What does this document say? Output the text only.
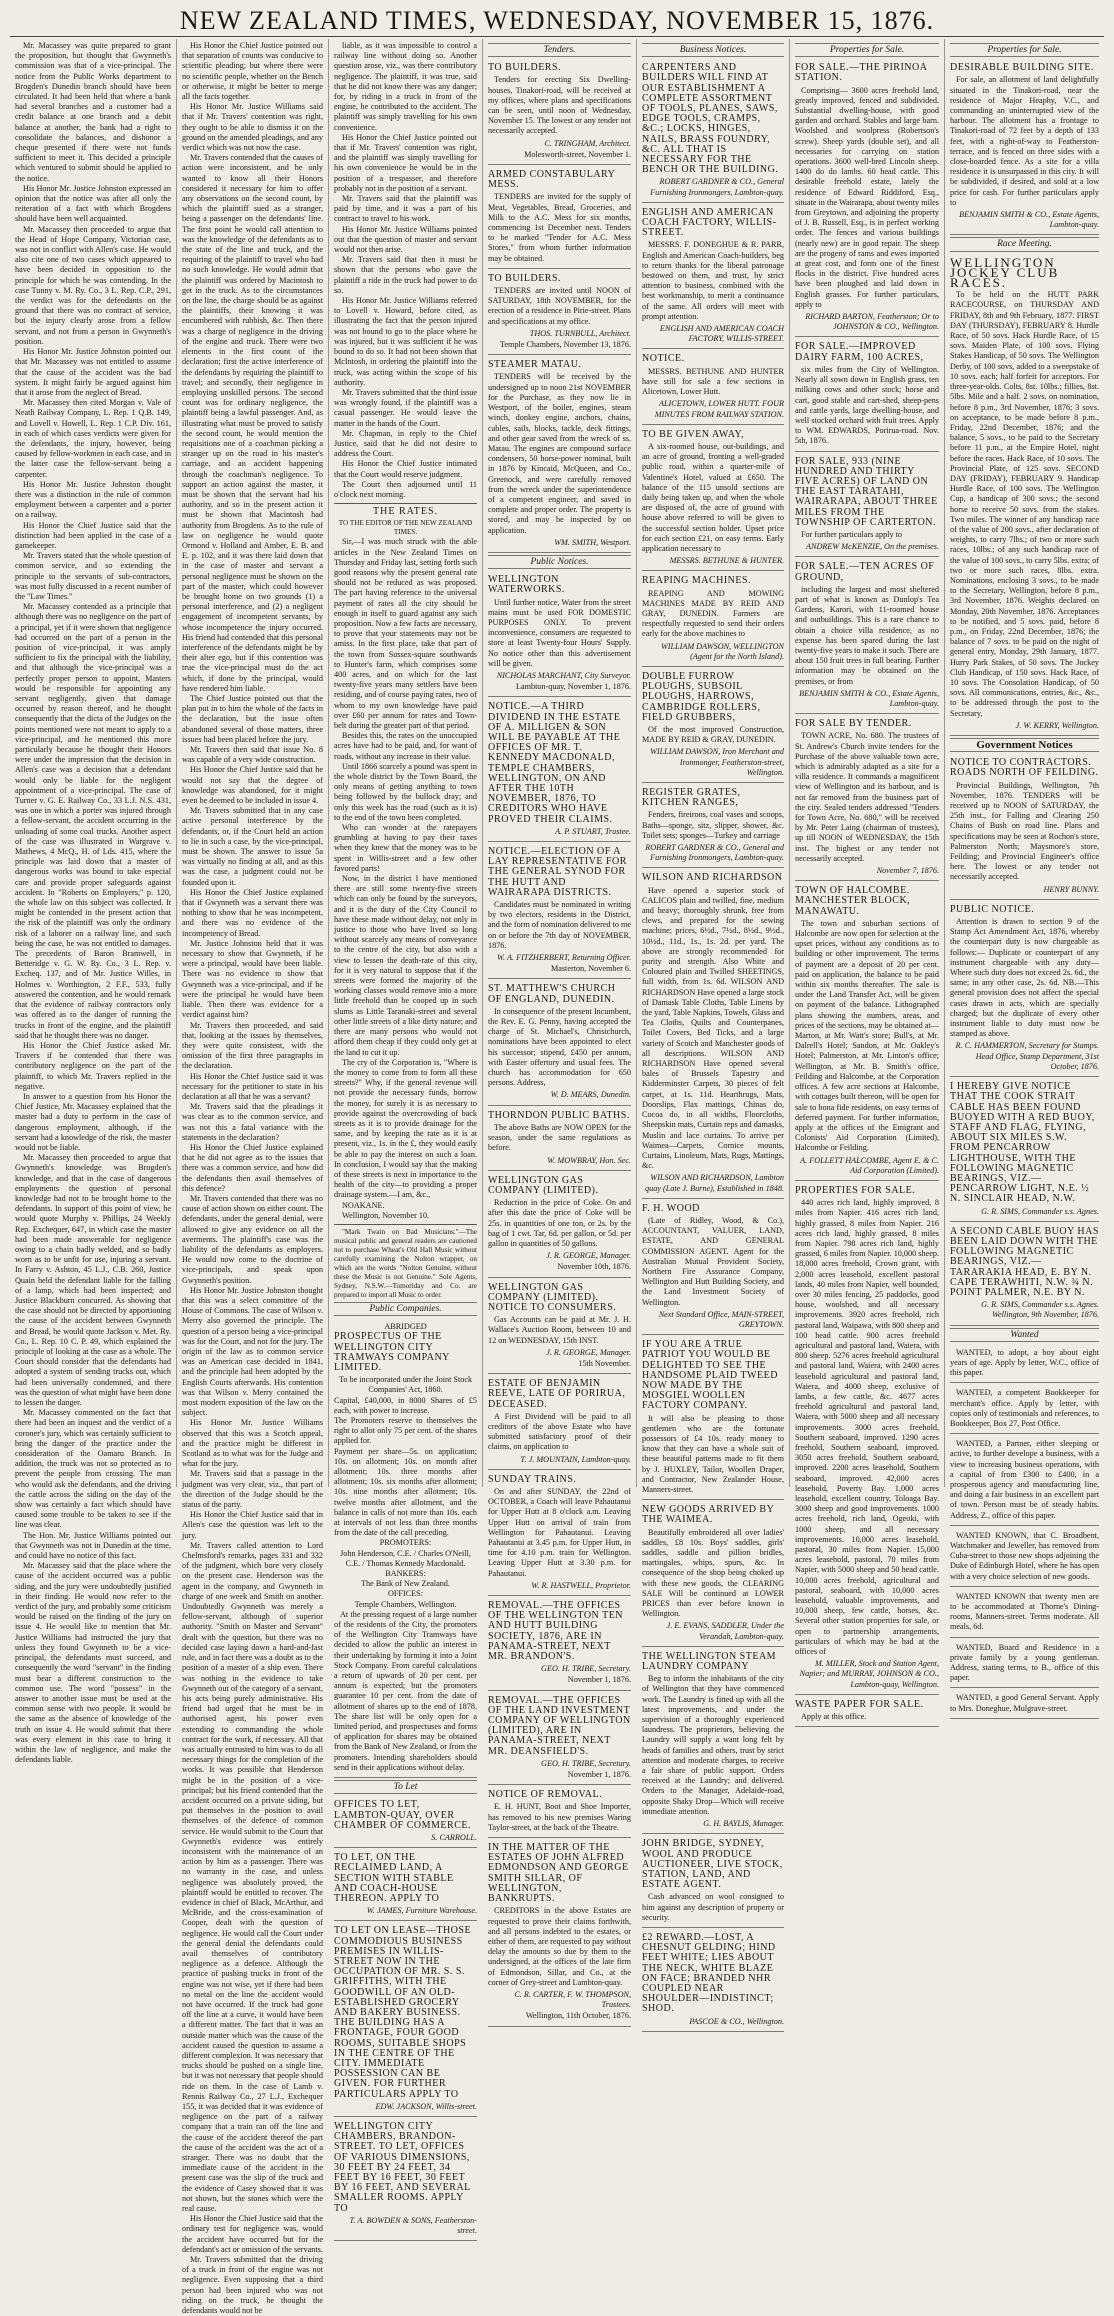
NEW ZEALAND TIMES, WEDNESDAY, NOVEMBER 15, 1876.

Mr. Macassey was quite prepared to grant the proposition, but thought that Gwynneth's commission was that of a vice-principal. The notice from the Public Works department to Brogden's Dunedin branch should have been circulated. It had been held that where a bank had several branches and a customer had a credit balance at one branch and a debit balance at another, the bank had a right to consolidate the balances, and dishonor a cheque presented if there were not funds sufficient to meet it. This decided a principle which ventured to submit should be applied to the notice.

His Honor Mr. Justice Johnston expressed an opinion that the notice was after all only the reiteration of a fact with which Brogdens should have been well acquainted.

Mr. Macassey then proceeded to argue that the Head of Hope Company, Victorian case, was not in conflict with Allen's case. He would also cite one of two cases which appeared to have been decided in opposition to the principle for which he was contending. In the case Tunny v. M. Ry. Co., 3 L. Rep. C.P., 291, the verdict was for the defendants on the ground that there was no contract of service, but the injury clearly arose from a fellow servant, and not from a person in Gwynneth's position.

His Honor Mr. Justice Johnston pointed out that Mr. Macassey was not entitled to assume that the cause of the accident was the bad system. It might fairly be argued against him that it arose from the neglect of Bread.

Mr. Macassey then cited Morgan v. Vale of Neath Railway Company, L. Rep. 1 Q.B. 149, and Lovell v. Howell, L. Rep. 1 C.P. Div. 161, in each of which cases verdicts were given for the defendants, the injury, however, being caused by fellow-workmen in each case, and in the latter case the fellow-servant being a carpenter.

His Honor Mr. Justice Johnston thought there was a distinction in the rule of common employment between a carpenter and a porter on a railway.

His Honor the Chief Justice said that the distinction had been applied in the case of a gamekeeper.

Mr. Travers stated that the whole question of common service, and so extending the principle to the servants of sub-contractors, was most fully discussed in a recent number of the "Law Times."

Mr. Macassey contended as a principle that although there was no negligence on the part of a principal, yet if it were shown that negligence had occurred on the part of a person in the position of vice-principal, it was amply sufficient to fix the principal with the liability, and that although the vice-principal was a perfectly proper person to appoint, Masters would be responsible for appointing any servant negligently, given that damage occurred by reason thereof, and he thought consequently that the dicta of the Judges on the points mentioned were not meant to apply to a vice-principal, and he mentioned this more particularly because he thought their Honors were under the impression that the decision in Allen's case was a decision that a defendant would only be liable for the negligent appointment of a vice-principal. The case of Turner v. G. E. Railway Co., 33 L.J. N.S. 431, was one in which a porter was injured through a fellow-servant, the accident occurring in the unloading of some coal trucks. Another aspect of the case was illustrated in Wargrave v. Mathews, 4 McQ., H. of Lds. 415, where the principle was laid down that a master of dangerous works was bound to take especial care and provide proper safeguards against accident. In "Roberts on Employers," p. 120, the whole law on this subject was collected. It might be contended in the present action that the risk of the plaintiff was only the ordinary risk of a laborer on a railway line, and such being the case, he was not entitled to damages. The precedents of Baron Bramwell, in Betteridge v. G. W. Ry. Co., 3 L. Rep. v. Excheq. 137, and of Mr. Justice Willes, in Holmes v. Worthington, 2 F.F., 533, fully answered the contention, and he would remark that the evidence of railway contractors only was offered as to the danger of running the trucks in front of the engine, and the plaintiff said that he thought there was no danger.

His Honor the Chief Justice asked Mr. Travers if he contended that there was contributory negligence on the part of the plaintiff, to which Mr. Travers replied in the negative.

In answer to a question from his Honor the Chief Justice, Mr. Macassey explained that the master had a duty to perform in the case of dangerous employment, although, if the servant had a knowledge of the risk, the master would not be liable.

Mr. Macassey then proceeded to argue that Gwynneth's knowledge was Brogden's knowledge, and that in the case of dangerous employments the question of personal knowledge had not to be brought home to the defendants. In support of this point of view, he would quote Murphy v. Phillips, 24 Weekly Rep. Exchequer, 647, in which case the master had been made answerable for negligence owing to a chain badly welded, and so badly worn as to be unfit for use, injuring a servant. In Farry v. Ashton, 45 L.J., C.B. 260, Justice Quain held the defendant liable for the falling of a lamp, which had been inspected; and Justice Blackburn concurred. As showing that the case should not be directed by apportioning the cause of the accident between Gwynneth and Bread, he would quote Jackson v. Met. Ry. Co., L. Rep. 10 C. P. 49, which explained the principle of looking at the case as a whole. The Court should consider that the defendants had adopted a system of sending trucks out, which had been universally condemned, and there was the question of what might have been done to lessen the danger.

Mr. Macassey commented on the fact that there had been an inquest and the verdict of a coroner's jury, which was certainly sufficient to bring the danger of the practice under the consideration of the Oamaru Branch. In addition, the truck was not so protected as to prevent the people from crossing. The man who would ask the defendants, and the driving the cattle across the siding on the day of the show was certainly a fact which should have caused some trouble to be taken to see if the line was clear.

The Hon. Mr. Justice Williams pointed out that Gwynneth was not in Dunedin at the time, and could have no notice of this fact.

Mr. Macassey said that the place where the cause of the accident occurred was a public siding, and the jury were undoubtedly justified in their finding. He would now refer to the verdict of the jury, and probably some criticism would be raised on the finding of the jury on issue 4. He would like to mention that Mr. Justice Williams had instructed the jury that unless they found Gwynneth to be a vice-principal, the defendants must succeed, and consequently the word "servant" in the finding must bear a different construction to the common use. The word "possess" in the answer to another issue must be used at the common sense with two people. It would be the same as the absence of knowledge of the truth on issue 4. He would submit that there was every element in this case to bring it within the law of negligence, and make the defendants liable.

His Honor the Chief Justice pointed out that separation of counts was conducive to scientific pleading; but where there were no scientific people, whether on the Bench or otherwise, it might be better to merge all the facts together.

His Honor Mr. Justice Williams said that if Mr. Travers' contention was right, they ought to be able to dismiss it on the ground on the amended pleadings, and any verdict which was not now the case.

Mr. Travers contended that the causes of action were inconsistent, and he only wanted to know all their Honors considered it necessary for him to offer any observations on the second count, by which the plaintiff sued as a stranger, being a passenger on the defendants' line. The first point he would call attention to was the knowledge of the defendants as to the state of the line and truck, and the requiring of the plaintiff to travel who had no such knowledge. He would admit that the plaintiff was ordered by Macintosh to get in the truck. As to the circumstances on the line, the charge should be as against the plaintiffs, their knowing it was encumbered with rubbish, &c. Then there was a charge of negligence in the driving of the engine and truck. There were two elements in the first count of the declaration; first the active interference of the defendants by requiring the plaintiff to travel; and secondly, their negligence in employing unskilled persons. The second count was for ordinary negligence, the plaintiff being a lawful passenger. And, as illustrating what must be proved to satisfy the second count, he would mention the requisitions one of a coachman picking a stranger up on the road in his master's carriage, and an accident happening through the coachman's negligence. To support an action against the master, it must be shown that the servant had his authority, and so in the present action it must be shown that Macintosh had authority from Brogdens. As to the rule of law on negligence he would quote Ormond v. Holland and Amber, E. B. and E. p. 102, and it was there laid down that in the case of master and servant a personal negligence must be shown on the part of the master, which could however be brought home on two grounds (1) a personal interference, and (2) a negligent engagement of incompetent servants, by whose incompetence the injury occurred. His friend had contended that this personal interference of the defendants might be by their alter ego, but if this contention was true the vice-principal must do the act which, if done by the principal, would have rendered him liable.

The Chief Justice pointed out that the plan put in to him the whole of the facts in the declaration, but the issue often abandoned several of those matters, three issues had been placed before the jury.

Mr. Travers then said that issue No. 8 was capable of a very wide construction.

His Honor the Chief Justice said that he would not say that the degree of knowledge was abandoned, for it might even be deemed to be included in issue 4.

Mr. Travers submitted that in any case active personal interference by the defendants, or, if the Court held an action to lie in such a case, by the vice-principal, must be shown. The answer to issue 5a was virtually no finding at all, and as this was the case, a judgment could not be founded upon it.

His Honor the Chief Justice explained that if Gwynneth was a servant there was nothing to show that he was incompetent, and there was no evidence of the incompetency of Bread.

Mr. Justice Johnston held that it was necessary to show that Gwynneth, if he were a principal, would have been liable. There was no evidence to show that Gwynneth was a vice-principal, and if he were the principal he would have been liable. Then there was evidence for a verdict against him?

Mr. Travers then proceeded, and said that, looking at the issues by themselves, they were quite consistent, with the omission of the first three paragraphs in the declaration.

His Honor the Chief Justice said it was necessary for the petitioner to state in his declaration at all that he was a servant?

Mr. Travers said that the pleadings it was clear as to the common service, and was not this a fatal variance with the statements in the declaration?

His Honor the Chief Justice explained that he did not agree as to the issues that there was a common service, and how did the defendants then avail themselves of this defence?

Mr. Travers contended that there was no cause of action shown on either count. The defendants, under the general denial, were allowed to give any evidence on all the averments. The plaintiff's case was the liability of the defendants as employers. He would now come to the doctrine of vice-principals, and speak upon Gwynneth's position.

His Honor Mr. Justice Johnston thought that this was a select committee of the House of Commons. The case of Wilson v. Merry also governed the principle. The question of a person being a vice-principal was for the Court, and not for the jury. The origin of the law as to common service was an American case decided in 1841, and the principle had been adopted by the English Courts afterwards. His contention was that Wilson v. Merry contained the most modern exposition of the law on the subject.

His Honor Mr. Justice Williams observed that this was a Scotch appeal, and the practice might be different in Scotland as to what was for the Judge and what for the jury.

Mr. Travers said that a passage in the judgment was very clear, viz., that part of the direction of the Judge should be the status of the party.

His Honor the Chief Justice said that in Allen's case the question was left to the jury.

Mr. Travers called attention to Lord Chelmsford's remarks, pages 331 and 332 of the judgment, which bore very closely on the present case. Henderson was the agent in the company, and Gwynneth in charge of one week and Smith on another. Undoubtedly Gwynneth was merely a fellow-servant, although of superior authority. "Smith on Master and Servant" dealt with the question, but there was no decided case laying down a hard-and-fast rule, and in fact there was a doubt as to the position of a master of a ship even. There was nothing in the evidence to take Gwynneth out of the category of a servant, his acts being purely administrative. His friend had urged that he must be in authorised agent, his power even extending to commanding the whole contract for the work, if necessary. All that was actually entrusted to him was to do all necessary things for the completion of the works. It was possible that Henderson might be in the position of a vice-principal; but his friend contended that the accident occurred on a private siding, but put themselves in the position to avail themselves of the defence of common service. He would submit to the Court that Gwynneth's evidence was entirely inconsistent with the maintenance of an action by him as a passenger. There was no warranty in the case, and unless negligence was absolutely proved, the plaintiff would be entitled to recover. The evidence in chief of Black, McArthur, and McBride, and the cross-examination of Cooper, dealt with the question of negligence. He would call the Court under the general denial the defendants could avail themselves of contributory negligence as a defence. Although the practice of pushing trucks in front of the engine was not wise, yet if there had been no metal on the line the accident would not have occurred. If the truck had gone off the line at a curve, it would have been a different matter. The fact that it was an outside matter which was the cause of the accident caused the question to assume a different complexion. It was necessary that trucks should be pushed on a single line, but it was not necessary that people should ride on them. In the case of Lamb v. Rennis Railway Co., 27 L.J., Exchequer 155, it was decided that it was evidence of negligence on the part of a railway company that a train ran off the line and the cause of the accident thereof the part the cause of the accident was the act of a stranger. There was no doubt that the immediate cause of the accident in the present case was the slip of the truck and the evidence of Casey showed that it was not shown, but the stones which were the real cause.

His Honor the Chief Justice said that the ordinary test for negligence was, would the accident have occurred but for the defendant's act or omission of the servants.

Mr. Travers submitted that the driving of a truck in front of the engine was not negligence. Even supposing that a third person had been injured who was not riding on the truck, he thought the defendants would not be

liable, as it was impossible to control a railway line without doing so. Another question arose, viz., was there contributory negligence. The plaintiff, it was true, said that he did not know there was any danger; for, by riding in a truck in front of the engine, he contributed to the accident. The plaintiff was simply travelling for his own convenience.

His Honor the Chief Justice pointed out that if Mr. Travers' contention was right, and the plaintiff was simply travelling for his own convenience he would be in the position of a trespasser, and therefore probably not in the position of a servant.

Mr. Travers said that the plaintiff was paid by time, and it was a part of his contract to travel to his work.

His Honor Mr. Justice Williams pointed out that the question of master and servant would not then arise.

Mr. Travers said that then it must be shown that the persons who gave the plaintiff a ride in the truck had power to do so.

His Honor Mr. Justice Williams referred to Lovell v. Howard, before cited, as illustrating the fact that the person injured was not bound to go to the place where he was injured, but it was sufficient if he was bound to do so. It had not been shown that McIntosh, in ordering the plaintiff into the truck, was acting within the scope of his authority.

Mr. Travers submitted that the third issue was wrongly found, if the plaintiff was a casual passenger. He would leave the matter in the hands of the Court.

Mr. Chapman, in reply to the Chief Justice, said that he did not desire to address the Court.

His Honor the Chief Justice intimated that the Court would reserve judgment.

The Court then adjourned until 11 o'clock next morning.

THE RATES.
TO THE EDITOR OF THE NEW ZEALAND TIMES.

Sir,—I was much struck with the able articles in the New Zealand Times on Thursday and Friday last, setting forth such good reasons why the present general rate should not be reduced as was proposed. The part having reference to the universal payment of rates all the city should be enough in itself to guard against any such proposition. Now a few facts are necessary, to prove that your statements may not be amiss. In the first place, take that part of the town from Sussex-square southwards to Hunter's farm, which comprises some 400 acres, and on which for the last twenty-five years many settlers have been residing, and of course paying rates, two of whom to my own knowledge have paid over £60 per annum for rates and Town-belt during the greater part of that period.

Besides this, the rates on the unoccupied acres have had to be paid, and, for want of roads, without any increase in their value.

Until 1866 scarcely a pound was spent in the whole district by the Town Board, the only means of getting anything to town being followed by the bullock dray; and only this week has the road (such as it is) to the end of the town been completed.

Who can wonder at the ratepayers grumbling at having to pay their taxes when they knew that the money was to be spent in Willis-street and a few other favored parts!

Now, in the district I have mentioned there are still some twenty-five streets which can only be found by the surveyors, and it is the duty of the City Council to have these made without delay, not only in justice to those who have lived so long without scarcely any means of conveyance to the centre of the city, but also with a view to lessen the death-rate of this city, for it is very natural to suppose that if the streets were formed the majority of the working classes would remove into a more little freehold than be cooped up in such slums as Little Taranaki-street and several other little streets of a like dirty nature; and there are many persons who would not afford them cheap if they could only get at the land to cut it up.

The cry of the Corporation is, "Where is the money to come from to form all these streets?" Why, if the general revenue will not provide the necessary funds, borrow the money, for surely it is as necessary to provide against the overcrowding of back streets as it is to provide drainage for the same, and by keeping the rate as it is at present, viz., 1s. in the £, they would easily be able to pay the interest on such a loan. In conclusion, I would say that the making of these streets is next in importance to the health of the city—to providing a proper drainage system.—I am, &c.,

NOAKANE.

Wellington, November 10.

"Mark Twain on Bad Musicians."—The musical public and general readers are cautioned not to purchase Wheat's Old Hall Music without carefully examining the Nolton wrapper, on which are the words "Nolton Genuine, without these the Music is not Genuine." Sole Agents, Sydney, N.S.W.—Tomoriday and Co. are prepared to import all Music to order.

Public Companies.
ABRIDGED
PROSPECTUS OF THE WELLINGTON CITY TRAMWAYS COMPANY LIMITED.
To be incorporated under the Joint Stock Companies' Act, 1860.
Capital, £40,000, in 8000 Shares of £5 each, with power to increase.
The Promoters reserve to themselves the right to allot only 75 per cent. of the shares applied for.
Payment per share—5s. on application; 10s. on allotment; 10s. on month after allotment; 10s. three months after allotment; 10s. six months after allotment; 10s. nine months after allotment; 10s. twelve months after allotment, and the balance in calls of not more than 10s. each at intervals of not less than three months from the date of the call preceding.
PROMOTERS:
John Henderson, C.E. / Charles O'Neill, C.E. / Thomas Kennedy Macdonald.
BANKERS:
The Bank of New Zealand.
OFFICES:
Temple Chambers, Wellington.
At the pressing request of a large number of the residents of the City, the promoters of the Wellington City Tramways have decided to allow the public an interest in their undertaking by forming it into a Joint Stock Company. From careful calculations a return of upwards of 20 per cent. per annum is expected; but the promoters guarantee 10 per cent. from the date of allotment of shares up to the end of 1878. The share list will be only open for a limited period, and prospectuses and forms of application for shares may be obtained from the Bank of New Zealand, or from the promoters. Intending shareholders should send in their applications without delay.
To Let
OFFICES TO LET, LAMBTON-QUAY, OVER CHAMBER OF COMMERCE.
S. CARROLL.
TO LET, ON THE RECLAIMED LAND, A SECTION WITH STABLE AND COACH-HOUSE THEREON. APPLY TO
W. JAMES, Furniture Warehouse.
TO LET ON LEASE—THOSE COMMODIOUS BUSINESS PREMISES IN WILLIS-STREET NOW IN THE OCCUPATION OF MR. S. S. GRIFFITHS, WITH THE GOODWILL OF AN OLD-ESTABLISHED GROCERY AND BAKERY BUSINESS. THE BUILDING HAS A FRONTAGE, FOUR GOOD ROOMS, SUITABLE SHOPS IN THE CENTRE OF THE CITY. IMMEDIATE POSSESSION CAN BE GIVEN. FOR FURTHER PARTICULARS APPLY TO
EDW. JACKSON, Willis-street.
WELLINGTON CITY CHAMBERS, BRANDON-STREET. TO LET, OFFICES OF VARIOUS DIMENSIONS, 30 FEET BY 24 FEET, 34 FEET BY 16 FEET, 30 FEET BY 16 FEET, AND SEVERAL SMALLER ROOMS. APPLY TO
T. A. BOWDEN & SONS, Featherston-street.
Tenders.
TO BUILDERS.
Tenders for erecting Six Dwelling-houses, Tinakori-road, will be received at my offices, where plans and specifications can be seen, until noon of Wednesday, November 15. The lowest or any tender not necessarily accepted.
C. TRINGHAM, Architect.
Molesworth-street, November 1.
ARMED CONSTABULARY MESS.
TENDERS are invited for the supply of Meat, Vegetables, Bread, Groceries, and Milk to the A.C. Mess for six months, commencing 1st December next. Tenders to be marked "Tender for A.C. Mess Stores," from whom further information may be obtained.
TO BUILDERS.
TENDERS are invited until NOON of SATURDAY, 18th NOVEMBER, for the erection of a residence in Pirie-street. Plans and specifications at my office.
THOS. TURNBULL, Architect.
Temple Chambers, November 13, 1876.
STEAMER MATAU.
TENDERS will be received by the undersigned up to noon 21st NOVEMBER for the Purchase, as they now lie in Westport, of the boiler, engines, steam winch, donkey engine, anchors, chains, cables, sails, blocks, tackle, deck fittings, and other gear saved from the wreck of ss. Matau. The engines are compound surface condensers, 50 horse-power nominal, built in 1876 by Kincaid, McQueen, and Co., Greenock, and were carefully removed from the wreck under the superintendence of a competent engineer, and saved in complete and proper order. The property is stored, and may be inspected by on application.
WM. SMITH, Westport.
Public Notices.
WELLINGTON WATERWORKS.
Until further notice, Water from the street mains must be used FOR DOMESTIC PURPOSES ONLY. To prevent inconvenience, consumers are requested to store at least Twenty-four Hours' Supply. No notice other than this advertisement will be given.
NICHOLAS MARCHANT, City Surveyor.
Lambton-quay, November 1, 1876.
NOTICE.—A THIRD DIVIDEND IN THE ESTATE OF A. MILLIGEN & SON WILL BE PAYABLE AT THE OFFICES OF MR. T. KENNEDY MACDONALD, TEMPLE CHAMBERS, WELLINGTON, ON AND AFTER THE 10TH NOVEMBER, 1876, TO CREDITORS WHO HAVE PROVED THEIR CLAIMS.
A. P. STUART, Trustee.
NOTICE.—ELECTION OF A LAY REPRESENTATIVE FOR THE GENERAL SYNOD FOR THE HUTT AND WAIRARAPA DISTRICTS.
Candidates must be nominated in writing by two electors, residents in the District, and the form of nomination delivered to me on or before the 7th day of NOVEMBER, 1876.
W. A. FITZHERBERT, Returning Officer.
Masterton, November 6.
ST. MATTHEW'S CHURCH OF ENGLAND, DUNEDIN.
In consequence of the present Incumbent, the Rev. E. G. Penny, having accepted the charge of St. Michael's, Christchurch, nominations have been appointed to elect his successor; stipend, £450 per annum, with Easter offertory and usual fees. The church has accommodation for 650 persons. Address,
W. D. MEARS, Dunedin.
THORNDON PUBLIC BATHS.
The above Baths are NOW OPEN for the season, under the same regulations as before.
W. MOWBRAY, Hon. Sec.
WELLINGTON GAS COMPANY (LIMITED).
Reduction in the price of Coke. On and after this date the price of Coke will be 25s. in quantities of one ton, or 2s. by the bag of 1 cwt. Tar, 6d. per gallon, or 5d. per gallon in quantities of 50 gallons.
J. R. GEORGE, Manager.
November 10th, 1876.
WELLINGTON GAS COMPANY (LIMITED). NOTICE TO CONSUMERS.
Gas Accounts can be paid at Mr. J. H. Wallace's Auction Room, between 10 and 12 on WEDNESDAY, 15th INST.
J. R. GEORGE, Manager.
15th November.
ESTATE OF BENJAMIN REEVE, LATE OF PORIRUA, DECEASED.
A First Dividend will be paid to all creditors of the above Estate who have submitted satisfactory proof of their claims, on application to
T. J. MOUNTAIN, Lambton-quay.
SUNDAY TRAINS.
On and after SUNDAY, the 22nd of OCTOBER, a Coach will leave Pahautanui for Upper Hutt at 8 o'clock a.m. Leaving Upper Hutt on arrival of train from Wellington for Pahautanui. Leaving Pahautanui at 3.45 p.m. for Upper Hutt, in time for 4.10 p.m. train for Wellington. Leaving Upper Hutt at 3.30 p.m. for Pahautanui.
W. R. HASTWELL, Proprietor.
REMOVAL.—THE OFFICES OF THE WELLINGTON TEN AND HUTT BUILDING SOCIETY, 1876, ARE IN PANAMA-STREET, NEXT MR. BRANDON'S.
GEO. H. TRIBE, Secretary.
November 1, 1876.
REMOVAL.—THE OFFICES OF THE LAND INVESTMENT COMPANY OF WELLINGTON (LIMITED), ARE IN PANAMA-STREET, NEXT MR. DEANSFIELD'S.
GEO. H. TRIBE, Secretary.
November 1, 1876.
NOTICE OF REMOVAL.
E. H. HUNT, Boot and Shoe Importer, has removed to his new premises Waring Taylor-street, at the back of the Theatre.
IN THE MATTER OF THE ESTATES OF JOHN ALFRED EDMONDSON AND GEORGE SMITH SILLAR, OF WELLINGTON, BANKRUPTS.
CREDITORS in the above Estates are requested to prove their claims forthwith, and all persons indebted to the estates, or either of them, are requested to pay without delay the amounts so due by them to the undersigned, at the offices of the late firm of Edmondson, Sillar, and Co., at the corner of Grey-street and Lambton-quay.
C. R. CARTER, F. W. THOMPSON, Trustees.
Wellington, 11th October, 1876.
Business Notices.
CARPENTERS AND BUILDERS WILL FIND AT OUR ESTABLISHMENT A COMPLETE ASSORTMENT OF TOOLS, PLANES, SAWS, EDGE TOOLS, CRAMPS, &C.; LOCKS, HINGES, NAILS, BRASS FOUNDRY, &C. ALL THAT IS NECESSARY FOR THE BENCH OR THE BUILDING.
ROBERT GARDNER & CO., General Furnishing Ironmongers, Lambton-quay.
ENGLISH AND AMERICAN COACH FACTORY, WILLIS-STREET.
MESSRS. F. DONEGHUE & R. PARR, English and American Coach-builders, beg to return thanks for the liberal patronage bestowed on them, and trust, by strict attention to business, combined with the best workmanship, to merit a continuance of the same. All orders will meet with prompt attention.
ENGLISH AND AMERICAN COACH FACTORY, WILLIS-STREET.
NOTICE.
MESSRS. BETHUNE AND HUNTER have still for sale a few sections in Alicetown, Lower Hutt.
ALICETOWN, LOWER HUTT. FOUR MINUTES FROM RAILWAY STATION.
TO BE GIVEN AWAY,
A six-roomed house, out-buildings, and an acre of ground, fronting a well-graded public road, within a quarter-mile of Valentine's Hotel, valued at £650. The balance of the 115 unsold sections are daily being taken up, and when the whole are disposed of, the acre of ground with house above referred to will be given to the successful section holder. Upset price for each section £21, on easy terms. Early application necessary to
MESSRS. BETHUNE & HUNTER.
REAPING MACHINES.
REAPING AND MOWING MACHINES MADE BY REID AND GRAY, DUNEDIN. Farmers are respectfully requested to send their orders early for the above machines to
WILLIAM DAWSON, WELLINGTON (Agent for the North Island).
DOUBLE FURROW PLOUGHS, SUBSOIL PLOUGHS, HARROWS, CAMBRIDGE ROLLERS, FIELD GRUBBERS,
Of the most improved Construction, MADE BY REID & GRAY, DUNEDIN.
WILLIAM DAWSON, Iron Merchant and Ironmonger, Featherston-street, Wellington.
REGISTER GRATES, KITCHEN RANGES,
Fenders, fireirons, coal vases and scoops, Baths—sponge, sitz, slipper, shower, &c. Toilet sets; sponges—Turkey and carriage
ROBERT GARDNER & CO., General and Furnishing Ironmongers, Lambton-quay.
WILSON AND RICHARDSON
Have opened a superior stock of CALICOS plain and twilled, fine, medium and heavy; thoroughly shrunk, free from clews, and prepared for the sewing machine; prices, 6½d., 7½d., 8½d., 9½d., 10½d., 11d., 1s., 1s. 2d. per yard. The above are strongly recommended for purity and strength. Also White and Coloured plain and Twilled SHEETINGS, full width, from 1s. 6d. WILSON AND RICHARDSON Have opened a large stock of Damask Table Cloths, Table Linens by the yard, Table Napkins, Towels, Glass and Tea Cloths, Quilts and Counterpanes, Toilet Covers, Bed Ticks, and a large variety of Scotch and Manchester goods of all descriptions. WILSON AND RICHARDSON Have opened several bales of Brussels Tapestry and Kidderminster Carpets, 30 pieces of felt carpet, at 1s. 11d. Hearthrugs, Mats, Doorslips, Flax mattings, Chinas do, Cocoa do, in all widths, Floorcloths, Sheepskin mats, Curtain reps and damasks, Muslin and lace curtains. To arrive per Waimea—Carpets, Cornice mounts, Curtains, Linoleum, Mats, Rugs, Mattings, &c.
WILSON AND RICHARDSON, Lambton quay (Late J. Burne), Established in 1848.
F. H. WOOD
(Late of Ridley, Wood, & Co.), ACCOUNTANT, VALUER, LAND, ESTATE, AND GENERAL COMMISSION AGENT. Agent for the Australian Mutual Provident Society, Northern Fire Assurance Company, Wellington and Hutt Building Society, and the Land Investment Society of Wellington.
Next Standard Office, MAIN-STREET, GREYTOWN.
IF YOU ARE A TRUE PATRIOT YOU WOULD BE DELIGHTED TO SEE THE HANDSOME PLAID TWEED NOW MADE BY THE MOSGIEL WOOLLEN FACTORY COMPANY.
It will also be pleasing to those gentlemen who are the fortunate possessors of £4 10s. ready money to know that they can have a whole suit of these beautiful patterns made to fit them by J. HUXLEY, Tailor, Woollen Draper, and Contractor, New Zealander House, Manners-street.
NEW GOODS ARRIVED BY THE WAIMEA.
Beautifully embroidered all over ladies' saddles, £8 10s. Boys' saddles, girls' saddles, saddle and pillion bridles, martingales, whips, spurs, &c. In consequence of the shop being choked up with these new goods, the CLEARING SALE Will be continued at LOWER PRICES than ever before known in Wellington.
J. E. EVANS, SADDLER, Under the Verandah, Lambton-quay.
THE WELLINGTON STEAM LAUNDRY COMPANY
Beg to inform the inhabitants of the city of Wellington that they have commenced work. The Laundry is fitted up with all the latest improvements, and under the supervision of a thoroughly experienced laundress. The proprietors, believing the Laundry will supply a want long felt by heads of families and others, trust by strict attention and moderate charges, to receive a fair share of public support. Orders received at the Laundry; and delivered. Orders to the Manager, Adelaide-road, opposite Shaky Drop—Which will receive immediate attention.
G. H. BAYLIS, Manager.
JOHN BRIDGE, SYDNEY, WOOL AND PRODUCE AUCTIONEER, LIVE STOCK, STATION, LAND, AND ESTATE AGENT.
Cash advanced on wool consigned to him against any description of property or security.
£2 REWARD.—LOST, A CHESNUT GELDING; HIND FEET WHITE; LIES ABOUT THE NECK, WHITE BLAZE ON FACE; BRANDED NHR COUPLED NEAR SHOULDER—INDISTINCT; SHOD.
PASCOE & CO., Wellington.
Properties for Sale.
FOR SALE.—THE PIRINOA STATION.
Comprising— 3600 acres freehold land, greatly improved, fenced and subdivided. Substantial dwelling-house, with good garden and orchard. Stables and large barn. Woolshed and woolpress (Robertson's screw). Sheep yards (double set), and all necessaries for carrying on station operations. 3600 well-bred Lincoln sheep. 1400 do do lambs. 60 head cattle. This desirable freehold estate, lately the residence of Edward Riddiford, Esq., situate in the Wairarapa, about twenty miles from Greytown, and adjoining the property of J. B. Russell, Esq., is in perfect working order. The fences and various buildings (nearly new) are in good repair. The sheep are the progeny of rams and ewes imported at great cost, and form one of the finest flocks in the district. Five hundred acres have been ploughed and laid down in English grasses. For further particulars, apply to
RICHARD BARTON, Featherston; Or to JOHNSTON & CO., Wellington.
FOR SALE.—IMPROVED DAIRY FARM, 100 ACRES,
six miles from the City of Wellington. Nearly all sown down in English grass, ten milking cows and other stock; horse and cart, good stable and cart-shed, sheep-pens and cattle yards, large dwelling-house, and well stocked orchard with fruit trees. Apply to WM. EDWARDS, Porirua-road. Nov. 5th, 1876.
FOR SALE, 933 (NINE HUNDRED AND THIRTY FIVE ACRES) OF LAND ON THE EAST TARATAHI, WAIRARAPA, ABOUT THREE MILES FROM THE TOWNSHIP OF CARTERTON.
For further particulars apply to
ANDREW McKENZIE, On the premises.
FOR SALE.—TEN ACRES OF GROUND,
including the largest and most sheltered part of what is known as Dunlop's Tea Gardens, Karori, with 11-roomed house and outbuildings. This is a rare chance to obtain a choice villa residence, as no expense has been spared during the last twenty-five years to make it such. There are about 150 fruit trees in full bearing. Further information may be obtained on the premises, or from
BENJAMIN SMITH & CO., Estate Agents, Lambton-quay.
FOR SALE BY TENDER.
TOWN ACRE, No. 680. The trustees of St. Andrew's Church invite tenders for the Purchase of the above valuable town acre, which is admirably adapted as a site for a villa residence. It commands a magnificent view of Wellington and its harbour, and is not far removed from the business part of the city. Sealed tenders addressed "Tenders for Town Acre, No. 680," will be received by Mr. Peter Laing (chairman of trustees), up till NOON of WEDNESDAY, the 15th inst. The highest or any tender not necessarily accepted.
November 7, 1876.
TOWN OF HALCOMBE. MANCHESTER BLOCK, MANAWATU.
The town and suburban sections of Halcombe are now open for selection at the upset prices, without any conditions as to building or other improvement. The terms of payment are a deposit of 20 per cent. paid on application, the balance to be paid within six months thereafter. The sale is under the Land Transfer Act, will be given on payment of the balance. Lithographed plans showing the numbers, areas, and prices of the sections, may be obtained at— Marton, at Mr. Watt's store; Bull's, at Mr. Dalrell's Hotel; Sandon, at Mr. Oakley's Hotel; Palmerston, at Mr. Linton's office; Wellington, at Mr. B. Smith's office, Feilding and Halcombe, at the Corporation offices. A few acre sections at Halcombe, with cottages built thereon, will be open for sale to bona fide residents, on easy terms of deferred payment. For further information, apply at the offices of the Emigrant and Colonists' Aid Corporation (Limited), Halcombe or Feilding.
A. FOLLETT HALCOMBE, Agent E. & C. Aid Corporation (Limited).
PROPERTIES FOR SALE.
440 acres rich land, highly improved, 8 miles from Napier. 416 acres rich land, highly grassed, 8 miles from Napier. 216 acres rich land, highly grassed, 8 miles from Napier. 798 acres rich land, highly grassed, 6 miles from Napier. 10,000 sheep. 18,000 acres freehold, Crown grant, with 2,000 acres leasehold, excellent pastoral lands, 40 miles from Napier, well bounded, over 30 miles fencing, 25 paddocks, good house, woolshed, and all necessary improvements. 3920 acres freehold, rich pastoral land, Waipawa, with 800 sheep and 100 head cattle. 900 acres freehold agricultural and pastoral land, Waiera, with 800 sheep. 5276 acres freehold agricultural and pastoral land, Waiera, with 2400 acres leasehold agricultural and pastoral land, Waiera, and 4000 sheep, exclusive of lambs, a few cattle, &c. 4677 acres freehold agricultural and pastoral land, Waiera, with 5000 sheep and all necessary improvements. 3000 acres freehold, Southern seaboard, improved. 1290 acres freehold, Southern seaboard, improved. 3050 acres freehold, Southern seaboard, improved. 2200 acres leasehold, Southern seaboard, improved. 42,000 acres leasehold, Poverty Bay. 1,000 acres leasehold, excellent country, Toloaga Bay. 3000 sheep and good improvements. 1000 acres freehold, rich land, Ogeoki, with 1000 sheep, and all necessary improvements. 10,000 acres leasehold, pastoral, 30 miles from Napier. 15,000 acres leasehold, pastoral, 70 miles from Napier, with 5000 sheep and 50 head cattle. 10,000 acres freehold, agricultural and pastoral, seaboard, with 10,000 acres leasehold, valuable improvements, and 10,000 sheep, few cattle, horses, &c. Several other station properties for sale, or open to partnership arrangements, particulars of which may be had at the offices of
M. MILLER, Stock and Station Agent, Napier; and MURRAY, JOHNSON & CO., Lambton-quay, Wellington.
WASTE PAPER FOR SALE.
Apply at this office.
Properties for Sale.
DESIRABLE BUILDING SITE.
For sale, an allotment of land delightfully situated in the Tinakori-road, near the residence of Major Heaphy, V.C., and commanding an uninterrupted view of the harbour. The allotment has a frontage to Tinakori-road of 72 feet by a depth of 133 feet, with a right-of-way to Featherston-terrace, and is fenced on three sides with a close-boarded fence. As a site for a villa residence it is unsurpassed in this city. It will be subdivided, if desired, and sold at a low price for cash. For further particulars apply to
BENJAMIN SMITH & CO., Estate Agents, Lambton-quay.
Race Meeting.
WELLINGTON JOCKEY CLUB RACES.
To be held on the HUTT PARK RACECOURSE, on THURSDAY AND FRIDAY, 8th and 9th February, 1877. FIRST DAY (THURSDAY), FEBRUARY 8. Hurdle Race, of 50 sovs. Hack Hurdle Race, of 15 sovs. Maiden Plate, of 100 sovs. Flying Stakes Handicap, of 50 sovs. The Wellington Derby, of 100 sovs, added to a sweepstake of 10 sovs. each; half forfeit for acceptors. For three-year-olds. Colts, 8st. 10lbs.; fillies, 8st. 5lbs. Mile and a half. 2 sovs. on nomination, before 8 p.m., 3rd November, 1876; 3 sovs. on acceptance, to be made before 8 p.m., Friday, 22nd December, 1876; and the balance, 5 sovs., to be paid to the Secretary before 11 p.m., at the Empire Hotel, night before the races. Hack Race, of 10 sovs. The Provincial Plate, of 125 sovs. SECOND DAY (FRIDAY), FEBRUARY 9. Handicap Hurdle Race, of 100 sovs. The Wellington Cup, a handicap of 300 sovs.; the second horse to receive 50 sovs. from the stakes. Two miles. The winner of any handicap race of the value of 200 sovs., after declaration of weights, to carry 7lbs.; of two or more such races, 10lbs.; of any such handicap race of the value of 100 sovs., to carry 5lbs. extra; of two or more such races, 8lbs. extra. Nominations, enclosing 3 sovs., to be made to the Secretary, Wellington, before 8 p.m., 3rd November, 1876. Weights declared on Monday, 20th November, 1876. Acceptances to be notified, and 5 sovs. paid, before 8 p.m., on Friday, 22nd December, 1876; the balance of 7 sovs. to be paid on the night of general entry, Monday, 29th January, 1877. Hurry Park Stakes, of 50 sovs. The Jockey Club Handicap, of 150 sovs. Hack Race, of 10 sovs. The Consolation Handicap, of 50 sovs. All communications, entries, &c., &c., to be addressed through the post to the Secretary,
J. W. KERRY, Wellington.
Government Notices
NOTICE TO CONTRACTORS. ROADS NORTH OF FEILDING.
Provincial Buildings, Wellington, 7th November, 1876. TENDERS will be received up to NOON of SATURDAY, the 25th inst., for Falling and Clearing 250 Chains of Bush on road line. Plans and specifications may be seen at Rochon's store, Palmerston North; Maysmore's store, Feilding; and Provincial Engineer's office here. The lowest or any tender not necessarily accepted.
HENRY BUNNY.
PUBLIC NOTICE.
Attention is drawn to section 9 of the Stamp Act Amendment Act, 1876, whereby the counterpart duty is now chargeable as follows:— Duplicate or counterpart of any instrument chargeable with any duty— Where such duty does not exceed 2s. 6d., the same; in any other case, 2s. 6d. NB.—This general provision does not affect the special cases drawn in acts, which are specially charged; but the duplicate of every other instrument liable to duty must now be stamped as above.
R. C. HAMMERTON, Secretary for Stamps. Head Office, Stamp Department, 31st October, 1876.
I HEREBY GIVE NOTICE THAT THE COOK STRAIT CABLE HAS BEEN FOUND BUOYED WITH A RED BUOY, STAFF AND FLAG, FLYING, ABOUT SIX MILES S.W. FROM PENCARROW LIGHTHOUSE, WITH THE FOLLOWING MAGNETIC BEARINGS, VIZ.— PENCARROW LIGHT, N.E. ½ N. SINCLAIR HEAD, N.W.
G. R. SIMS, Commander s.s. Agnes.
A SECOND CABLE BUOY HAS BEEN LAID DOWN WITH THE FOLLOWING MAGNETIC BEARINGS, VIZ.— TARARAKIA HEAD, E. BY N. CAPE TERAWHITI, N.W. ¾ N. POINT PALMER, N.E. BY N.
G. R. SIMS, Commander s.s. Agnes. Wellington, 9th November, 1876.
Wanted
WANTED, to adopt, a boy about eight years of age. Apply by letter, W.C., office of this paper.
WANTED, a competent Bookkeeper for merchant's office. Apply by letter, with copies only of testimonials and references, to Bookkeeper, Box 27, Post Office.
WANTED, a Partner, either sleeping or active, to further develope a business, with a view to increasing business operations, with a capital of from £300 to £400, in a prosperous agency and manufacturing line, and doing a fair business in an excellent part of town. Person must be of steady habits. Address, Z., office of this paper.
WANTED KNOWN, that C. Broadbent, Watchmaker and Jeweller, has removed from Cuba-street to those new shops adjoining the Duke of Edinburgh Hotel, where he has open with a very choice selection of new goods.
WANTED KNOWN that twenty men are to be accommodated at Thorne's Dining-rooms, Manners-street. Terms moderate. All meals, 6d.
WANTED, Board and Residence in a private family by a young gentleman. Address, stating terms, to B., office of this paper.
WANTED, a good General Servant. Apply to Mrs. Doneghue, Mulgrave-street.
